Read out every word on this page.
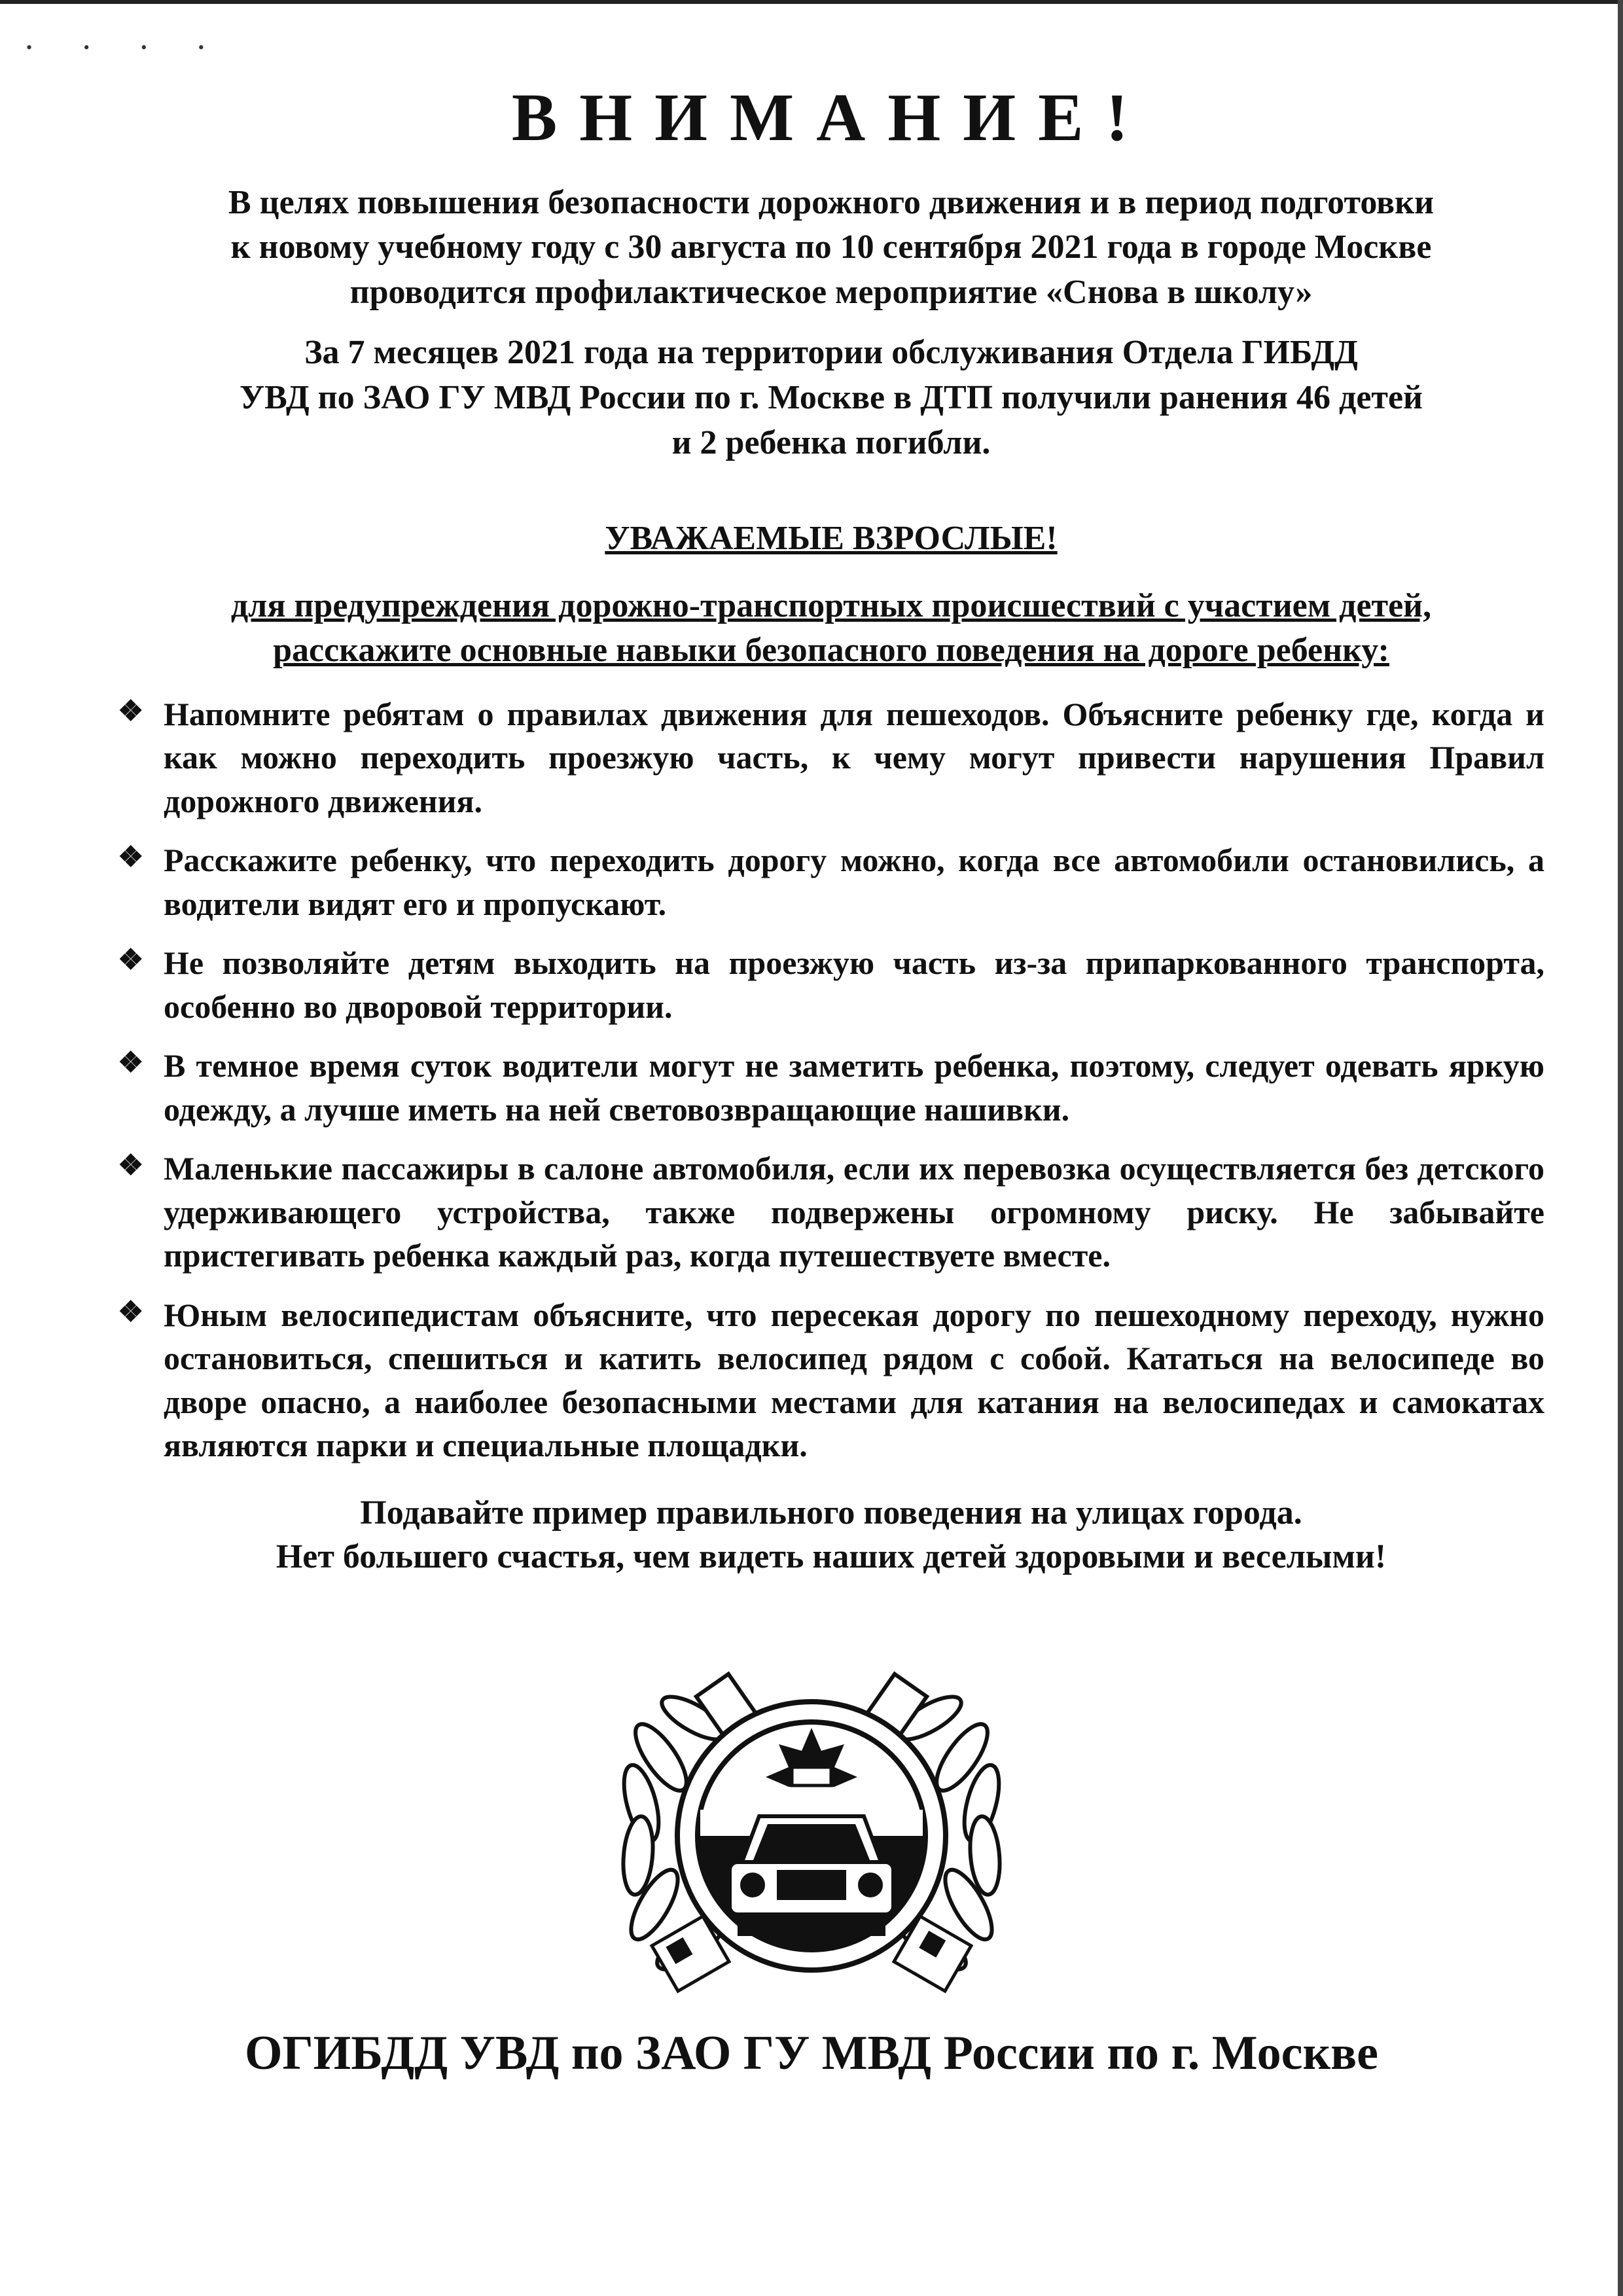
• • • •
ВНИМАНИЕ!

В целях повышения безопасности дорожного движения и в период подготовки
к новому учебному году с 30 августа по 10 сентября 2021 года в городе Москве
проводится профилактическое мероприятие «Снова в школу»

За 7 месяцев 2021 года на территории обслуживания Отдела ГИБДД
УВД по ЗАО ГУ МВД России по г. Москве в ДТП получили ранения 46 детей
и 2 ребенка погибли.

УВАЖАЕМЫЕ ВЗРОСЛЫЕ!
для предупреждения дорожно-транспортных происшествий с участием детей,
расскажите основные навыки безопасного поведения на дороге ребенку:
❖ Напомните ребятам о правилах движения для пешеходов. Объясните ребенку где, когда и как можно переходить проезжую часть, к чему могут привести нарушения Правил дорожного движения.
❖ Расскажите ребенку, что переходить дорогу можно, когда все автомобили остановились, а водители видят его и пропускают.
❖ Не позволяйте детям выходить на проезжую часть из-за припаркованного транспорта, особенно во дворовой территории.
❖ В темное время суток водители могут не заметить ребенка, поэтому, следует одевать яркую одежду, а лучше иметь на ней световозвращающие нашивки.
❖ Маленькие пассажиры в салоне автомобиля, если их перевозка осуществляется без детского удерживающего устройства, также подвержены огромному риску. Не забывайте пристегивать ребенка каждый раз, когда путешествуете вместе.
❖ Юным велосипедистам объясните, что пересекая дорогу по пешеходному переходу, нужно остановиться, спешиться и катить велосипед рядом с собой. Кататься на велосипеде во дворе опасно, а наиболее безопасными местами для катания на велосипедах и самокатах являются парки и специальные площадки.
Подавайте пример правильного поведения на улицах города.
Нет большего счастья, чем видеть наших детей здоровыми и веселыми!
ОГИБДД УВД по ЗАО ГУ МВД России по г. Москве
